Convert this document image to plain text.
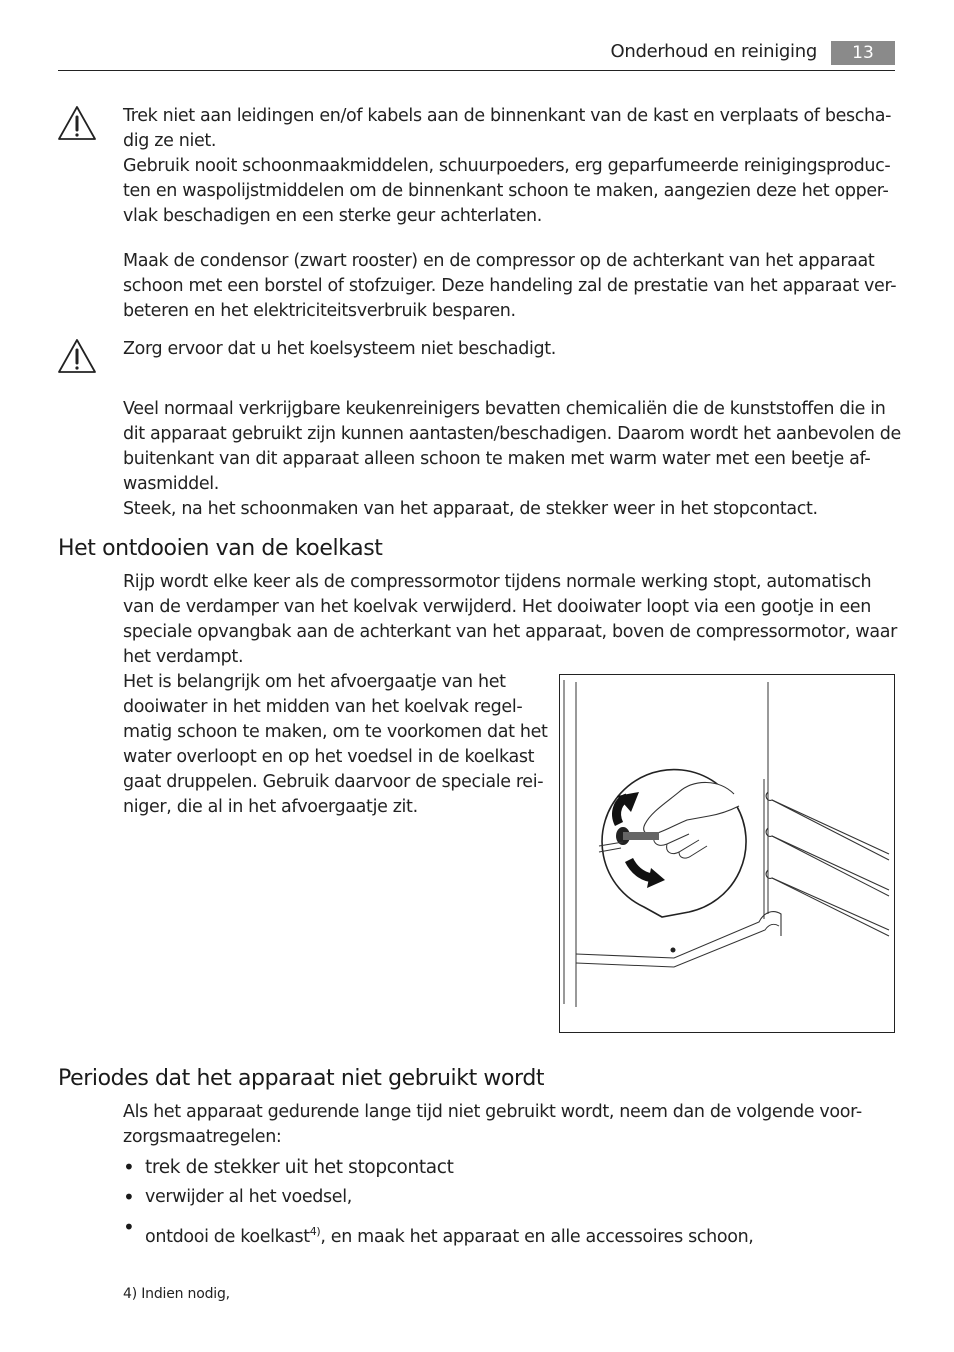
Onderhoud en reiniging	13
Trek niet aan leidingen en/of kabels aan de binnenkant van de kast en verplaats of bescha-
dig ze niet.
Gebruik nooit schoonmaakmiddelen, schuurpoeders, erg geparfumeerde reinigingsproduc-
ten en waspolijstmiddelen om de binnenkant schoon te maken, aangezien deze het opper-
vlak beschadigen en een sterke geur achterlaten.
Maak de condensor (zwart rooster) en de compressor op de achterkant van het apparaat
schoon met een borstel of stofzuiger. Deze handeling zal de prestatie van het apparaat ver-
beteren en het elektriciteitsverbruik besparen.
Zorg ervoor dat u het koelsysteem niet beschadigt.
Veel normaal verkrijgbare keukenreinigers bevatten chemicaliën die de kunststoffen die in
dit apparaat gebruikt zijn kunnen aantasten/beschadigen. Daarom wordt het aanbevolen de
buitenkant van dit apparaat alleen schoon te maken met warm water met een beetje af-
wasmiddel.
Steek, na het schoonmaken van het apparaat, de stekker weer in het stopcontact.
Het ontdooien van de koelkast
Rijp wordt elke keer als de compressormotor tijdens normale werking stopt, automatisch
van de verdamper van het koelvak verwijderd. Het dooiwater loopt via een gootje in een
speciale opvangbak aan de achterkant van het apparaat, boven de compressormotor, waar
het verdampt.
Het is belangrijk om het afvoergaatje van het
dooiwater in het midden van het koelvak regel-
matig schoon te maken, om te voorkomen dat het
water overloopt en op het voedsel in de koelkast
gaat druppelen. Gebruik daarvoor de speciale rei-
niger, die al in het afvoergaatje zit.
Periodes dat het apparaat niet gebruikt wordt
Als het apparaat gedurende lange tijd niet gebruikt wordt, neem dan de volgende voor-
zorgsmaatregelen:
• trek de stekker uit het stopcontact
• verwijder al het voedsel,
• ontdooi de koelkast$^{4)}$, en maak het apparaat en alle accessoires schoon,
4) Indien nodig,
